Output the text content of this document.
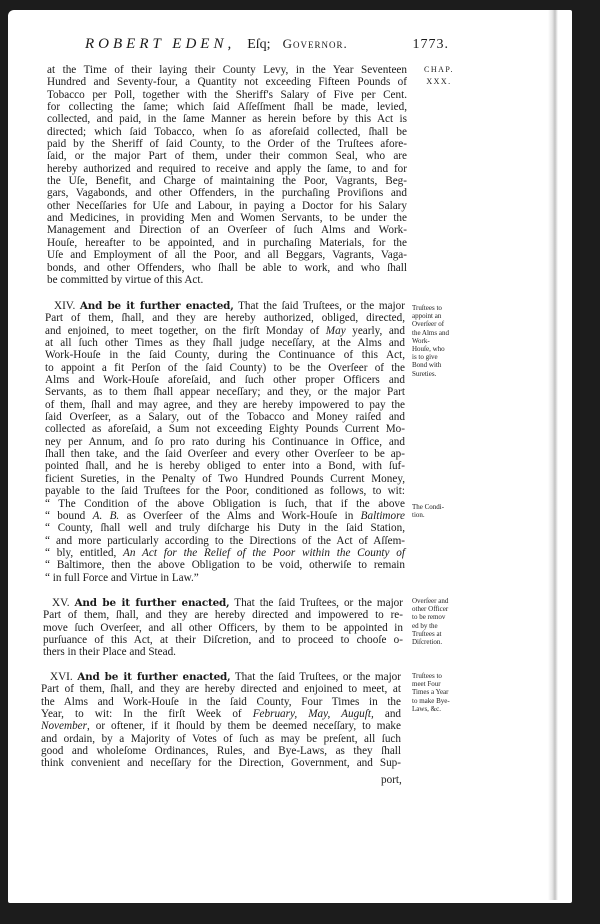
ROBERT EDEN, Eſq; Governor.	1773.
CHAP.
XXX.
at the Time of their laying their County Levy, in the Year Seventeen
Hundred and Seventy-four, a Quantity not exceeding Fifteen Pounds of
Tobacco per Poll, together with the Sheriff's Salary of Five per Cent.
for collecting the ſame; which ſaid Aſſeſſment ſhall be made, levied,
collected, and paid, in the ſame Manner as herein before by this Act is
directed; which ſaid Tobacco, when ſo as aforeſaid collected, ſhall be
paid by the Sheriff of ſaid County, to the Order of the Truſtees afore-
ſaid, or the major Part of them, under their common Seal, who are
hereby authorized and required to receive and apply the ſame, to and for
the Uſe, Benefit, and Charge of maintaining the Poor, Vagrants, Beg-
gars, Vagabonds, and other Offenders, in the purchaſing Proviſions and
other Neceſſaries for Uſe and Labour, in paying a Doctor for his Salary
and Medicines, in providing Men and Women Servants, to be under the
Management and Direction of an Overſeer of ſuch Alms and Work-
Houſe, hereafter to be appointed, and in purchaſing Materials, for the
Uſe and Employment of all the Poor, and all Beggars, Vagrants, Vaga-
bonds, and other Offenders, who ſhall be able to work, and who ſhall
be committed by virtue of this Act.
XIV. And be it further enacted, That the ſaid Truſtees, or the major
Part of them, ſhall, and they are hereby authorized, obliged, directed,
and enjoined, to meet together, on the firſt Monday of May yearly, and
at all ſuch other Times as they ſhall judge neceſſary, at the Alms and
Work-Houſe in the ſaid County, during the Continuance of this Act,
to appoint a fit Perſon of the ſaid County) to be the Overſeer of the
Alms and Work-Houſe aforeſaid, and ſuch other proper Officers and
Servants, as to them ſhall appear neceſſary; and they, or the major Part
of them, ſhall and may agree, and they are hereby impowered to pay the
ſaid Overſeer, as a Salary, out of the Tobacco and Money raiſed and
collected as aforeſaid, a Sum not exceeding Eighty Pounds Current Mo-
ney per Annum, and ſo pro rato during his Continuance in Office, and
ſhall then take, and the ſaid Overſeer and every other Overſeer to be ap-
pointed ſhall, and he is hereby obliged to enter into a Bond, with ſuf-
ficient Sureties, in the Penalty of Two Hundred Pounds Current Money,
payable to the ſaid Truſtees for the Poor, conditioned as follows, to wit:
“ The Condition of the above Obligation is ſuch, that if the above
“ bound A. B. as Overſeer of the Alms and Work-Houſe in Baltimore
“ County, ſhall well and truly diſcharge his Duty in the ſaid Station,
“ and more particularly according to the Directions of the Act of Aſſem-
“ bly, entitled, An Act for the Relief of the Poor within the County of
“ Baltimore, then the above Obligation to be void, otherwiſe to remain
“ in full Force and Virtue in Law.”
Truſtees to
appoint an
Overſeer of
the Alms and
Work-
Houſe, who
is to give
Bond with
Sureties.
The Condi-
tion.
XV. And be it further enacted, That the ſaid Truſtees, or the major
Part of them, ſhall, and they are hereby directed and impowered to re-
move ſuch Overſeer, and all other Officers, by them to be appointed in
purſuance of this Act, at their Diſcretion, and to proceed to chooſe o-
thers in their Place and Stead.
Overſeer and
other Officer
to be remov
ed by the
Truſtees at
Diſcretion.
XVI. And be it further enacted, That the ſaid Truſtees, or the major
Part of them, ſhall, and they are hereby directed and enjoined to meet, at
the Alms and Work-Houſe in the ſaid County, Four Times in the
Year, to wit: In the firſt Week of February, May, Auguſt, and
November, or oftener, if it ſhould by them be deemed neceſſary, to make
and ordain, by a Majority of Votes of ſuch as may be preſent, all ſuch
good and wholeſome Ordinances, Rules, and Bye-Laws, as they ſhall
think convenient and neceſſary for the Direction, Government, and Sup-
Truſtees to
meet Four
Times a Year
to make Bye-
Laws, &c.
port,
